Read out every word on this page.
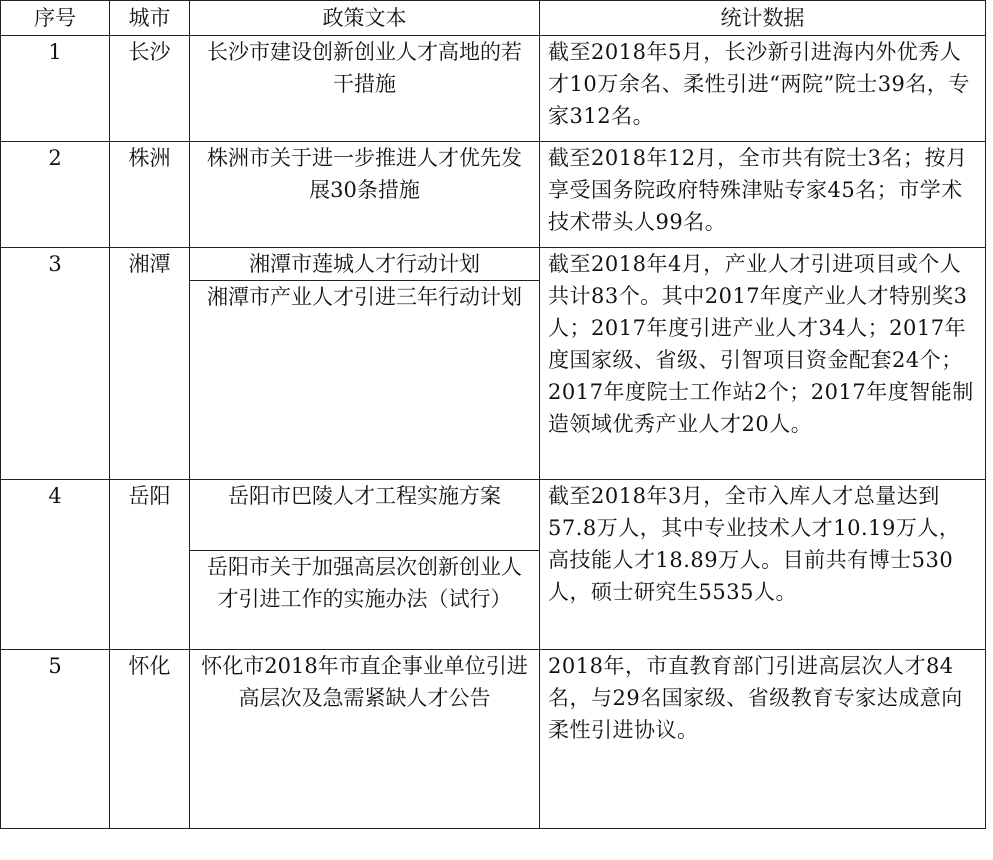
序号	城市	政策文本	统计数据
1	长沙	长沙市建设创新创业人才高地的若干措施	截至2018年5月，长沙新引进海内外优秀人才10万余名、柔性引进“两院”院士39名，专家312名。
2	株洲	株洲市关于进一步推进人才优先发展30条措施	截至2018年12月，全市共有院士3名；按月享受国务院政府特殊津贴专家45名；市学术技术带头人99名。
3	湘潭	湘潭市莲城人才行动计划	截至2018年4月，产业人才引进项目或个人共计83个。其中2017年度产业人才特别奖3人；2017年度引进产业人才34人；2017年度国家级、省级、引智项目资金配套24个；2017年度院士工作站2个；2017年度智能制造领域优秀产业人才20人。
		湘潭市产业人才引进三年行动计划	
4	岳阳	岳阳市巴陵人才工程实施方案	截至2018年3月，全市入库人才总量达到57.8万人，其中专业技术人才10.19万人，高技能人才18.89万人。目前共有博士530人，硕士研究生5535人。
		岳阳市关于加强高层次创新创业人才引进工作的实施办法（试行）	
5	怀化	怀化市2018年市直企事业单位引进高层次及急需紧缺人才公告	2018年，市直教育部门引进高层次人才84名，与29名国家级、省级教育专家达成意向柔性引进协议。
